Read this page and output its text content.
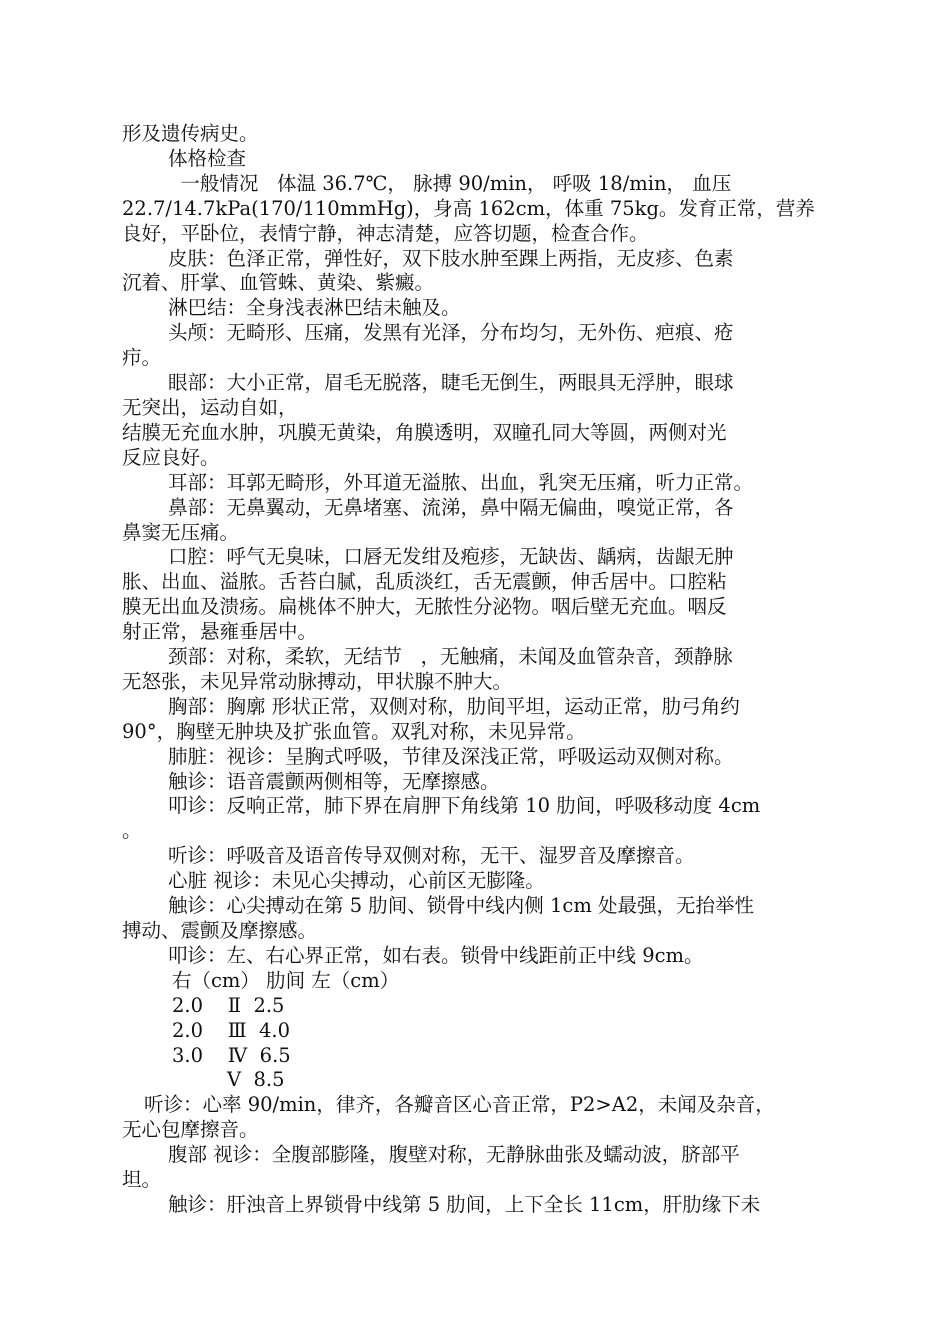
形及遗传病史。
体格检查
一般情况   体温 36.7℃， 脉搏 90/min， 呼吸 18/min， 血压
22.7/14.7kPa(170/110mmHg)，身高 162cm，体重 75kg。发育正常，营养
良好，平卧位，表情宁静，神志清楚，应答切题，检查合作。
皮肤：色泽正常，弹性好，双下肢水肿至踝上两指，无皮疹、色素
沉着、肝掌、血管蛛、黄染、紫癜。
淋巴结：全身浅表淋巴结未触及。
头颅：无畸形、压痛，发黑有光泽，分布均匀，无外伤、疤痕、疮
疖。
眼部：大小正常，眉毛无脱落，睫毛无倒生，两眼具无浮肿，眼球
无突出，运动自如，
结膜无充血水肿，巩膜无黄染，角膜透明，双瞳孔同大等圆，两侧对光
反应良好。
耳部：耳郭无畸形，外耳道无溢脓、出血，乳突无压痛，听力正常。
鼻部：无鼻翼动，无鼻堵塞、流涕，鼻中隔无偏曲，嗅觉正常，各
鼻窦无压痛。
口腔：呼气无臭味，口唇无发绀及疱疹，无缺齿、龋病，齿龈无肿
胀、出血、溢脓。舌苔白腻，乱质淡红，舌无震颤，伸舌居中。口腔粘
膜无出血及溃疡。扁桃体不肿大，无脓性分泌物。咽后壁无充血。咽反
射正常，悬雍垂居中。
颈部：对称，柔软，无结节   ，无触痛，未闻及血管杂音，颈静脉
无怒张，未见异常动脉搏动，甲状腺不肿大。
胸部：胸廓 形状正常，双侧对称，肋间平坦，运动正常，肋弓角约
90°，胸壁无肿块及扩张血管。双乳对称，未见异常。
肺脏：视诊：呈胸式呼吸，节律及深浅正常，呼吸运动双侧对称。
触诊：语音震颤两侧相等，无摩擦感。
叩诊：反响正常，肺下界在肩胛下角线第 10 肋间，呼吸移动度 4cm
。
听诊：呼吸音及语音传导双侧对称，无干、湿罗音及摩擦音。
心脏 视诊：未见心尖搏动，心前区无膨隆。
触诊：心尖搏动在第 5 肋间、锁骨中线内侧 1cm 处最强，无抬举性
搏动、震颤及摩擦感。
叩诊：左、右心界正常，如右表。锁骨中线距前正中线 9cm。
右（cm） 肋间 左（cm）
2.0    Ⅱ  2.5
2.0    Ⅲ  4.0
3.0    Ⅳ  6.5
Ⅴ  8.5
听诊：心率 90/min，律齐，各瓣音区心音正常，P2>A2，未闻及杂音，
无心包摩擦音。
腹部 视诊：全腹部膨隆，腹壁对称，无静脉曲张及蠕动波，脐部平
坦。
触诊：肝浊音上界锁骨中线第 5 肋间，上下全长 11cm，肝肋缘下未
